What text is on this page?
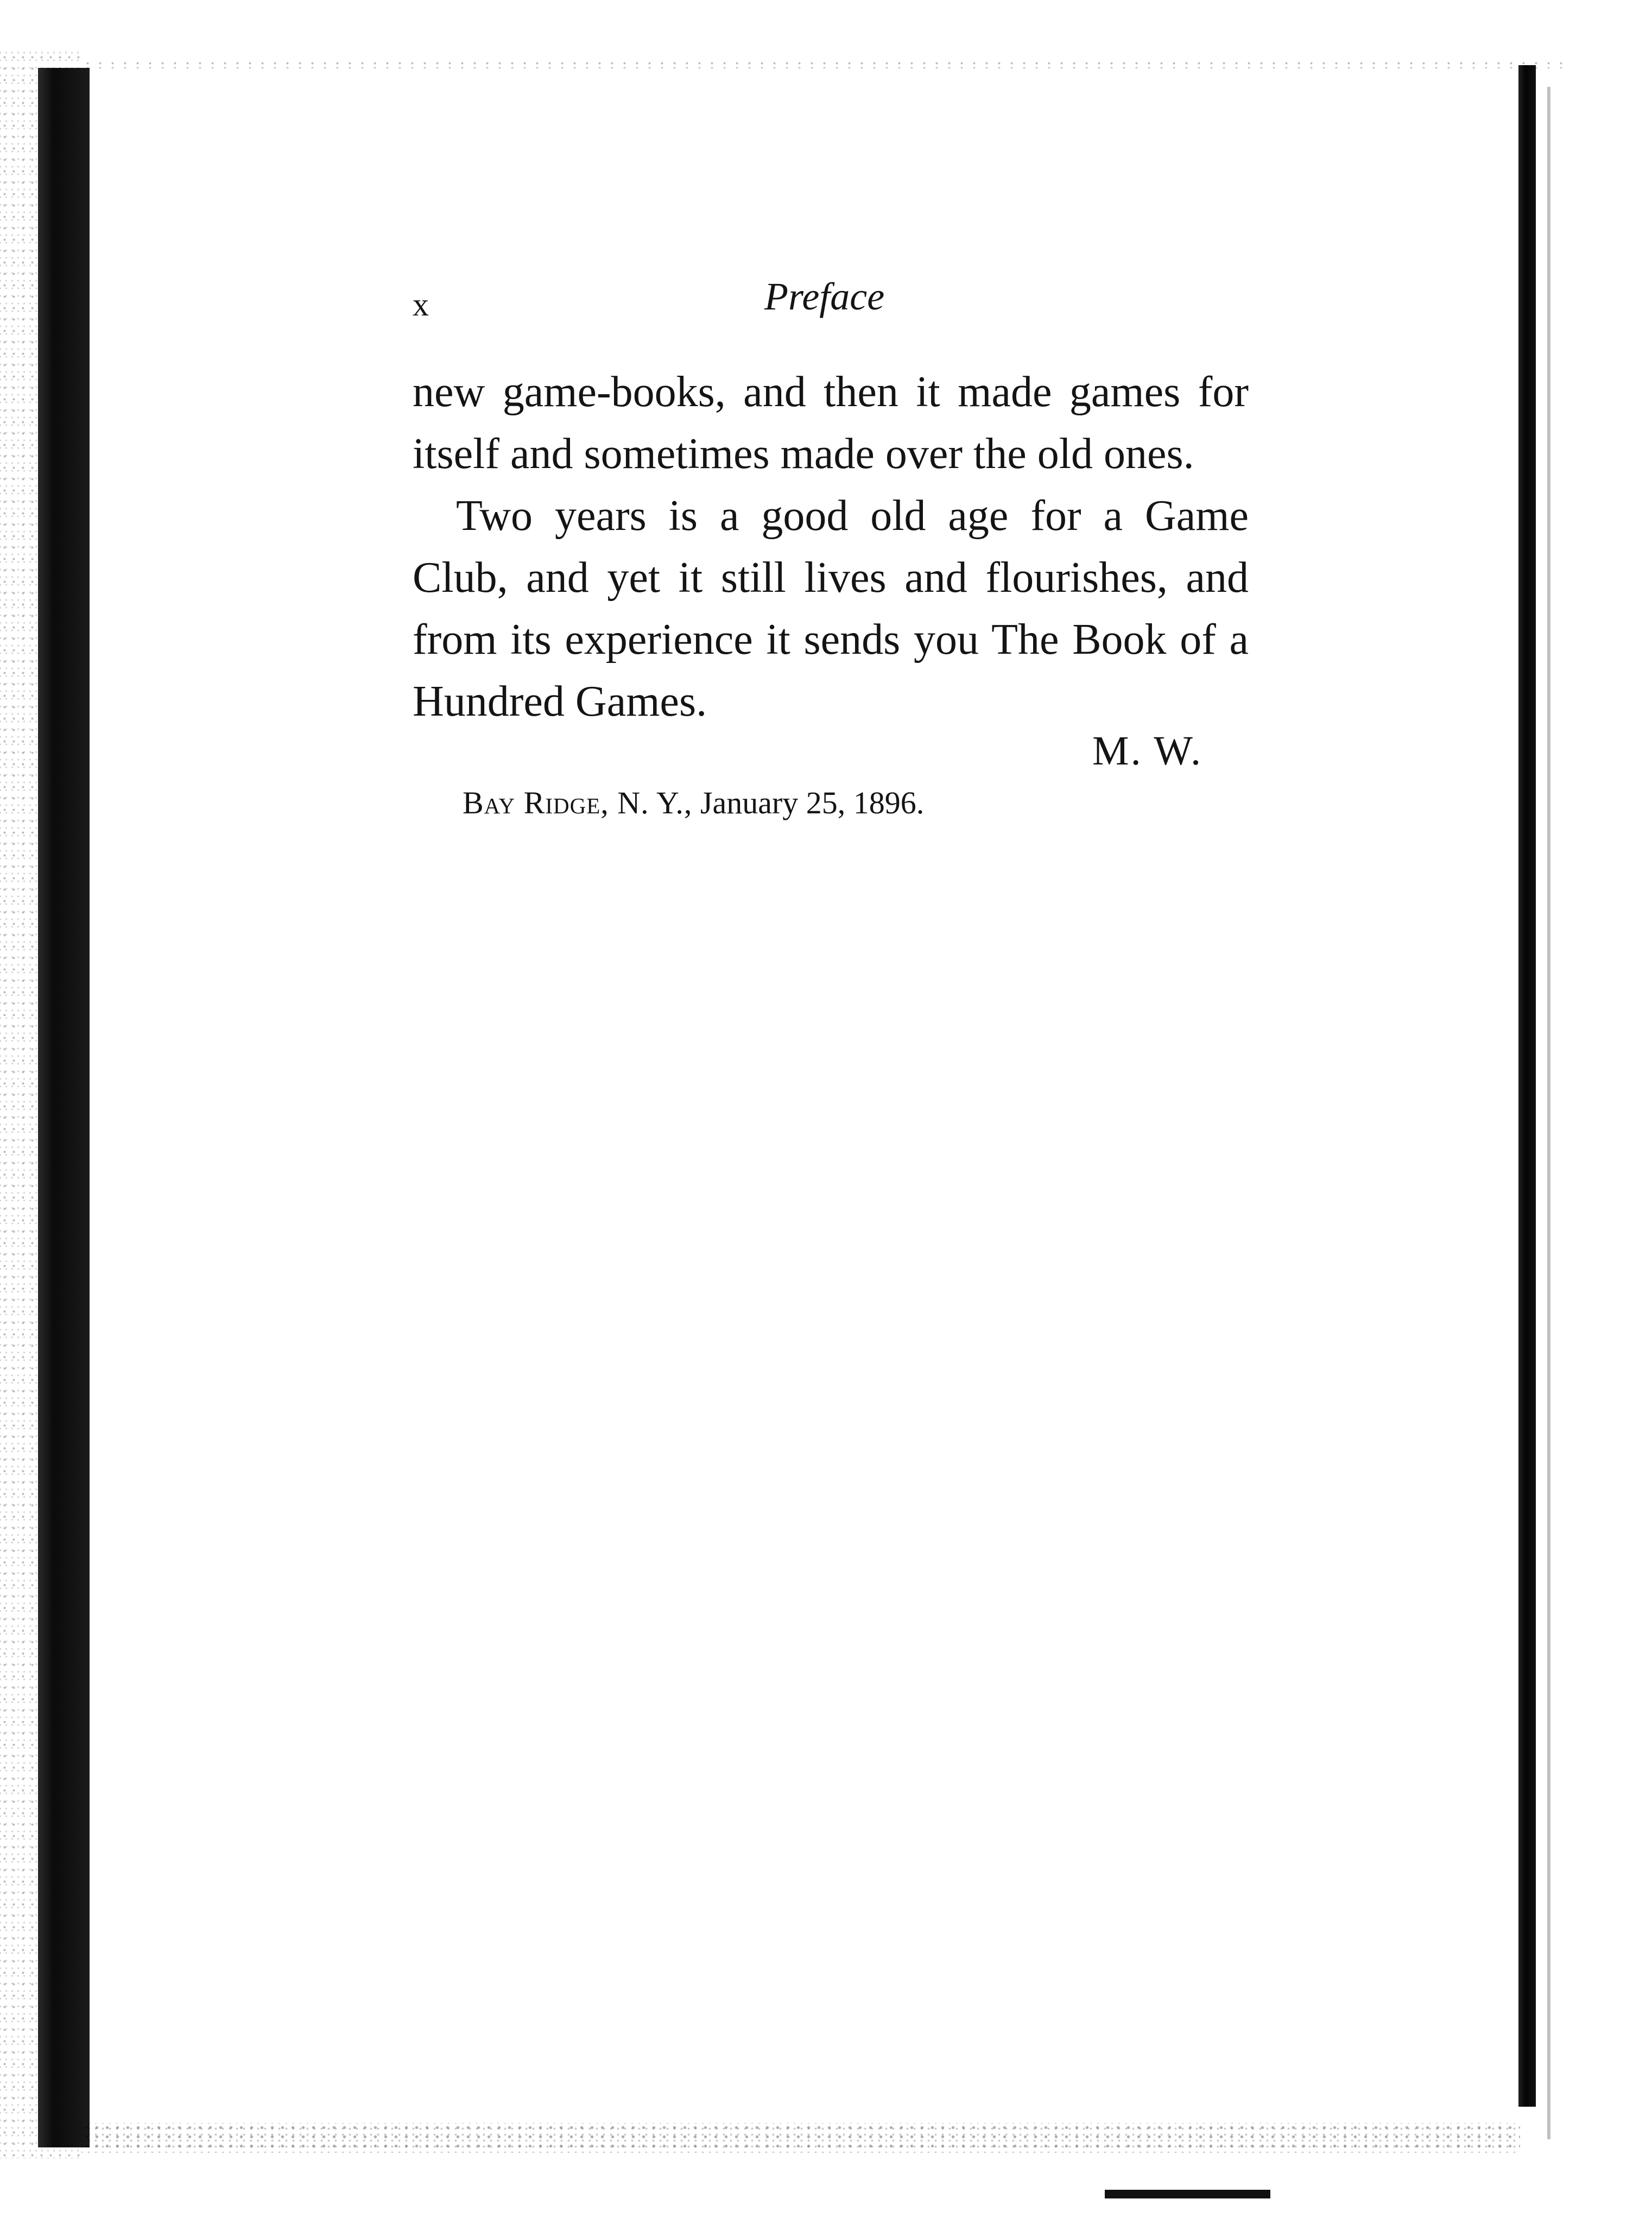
x	Preface

new game-books, and then it made games for itself and sometimes made over the old ones.

Two years is a good old age for a Game Club, and yet it still lives and flourishes, and from its experience it sends you The Book of a Hundred Games.

M. W.
Bay Ridge, N. Y., January 25, 1896.
